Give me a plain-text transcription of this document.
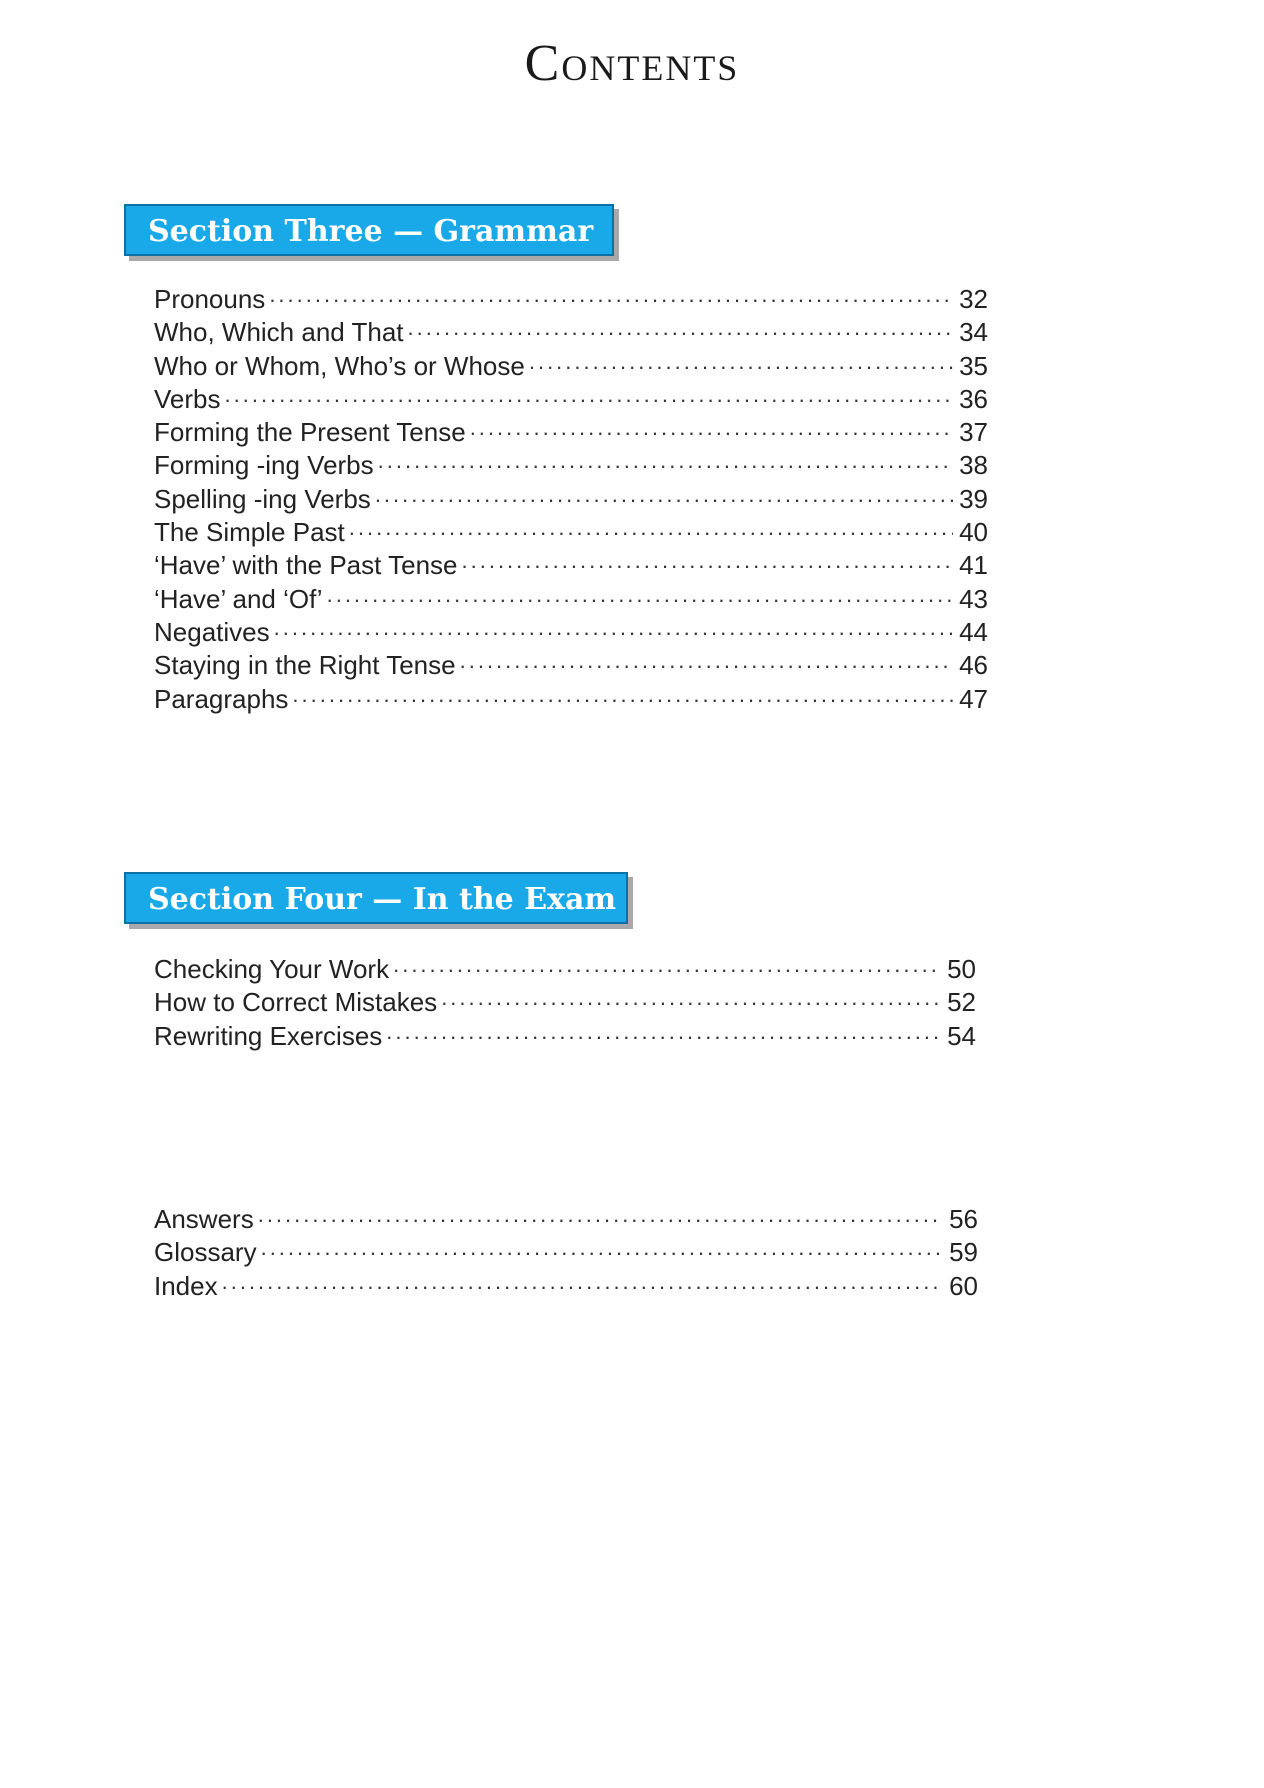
Contents
Section Three — Grammar
Pronouns .....	32
Who, Which and That .....	34
Who or Whom, Who’s or Whose .....	35
Verbs .....	36
Forming the Present Tense .....	37
Forming -ing Verbs .....	38
Spelling -ing Verbs .....	39
The Simple Past .....	40
‘Have’ with the Past Tense .....	41
‘Have’ and ‘Of’ .....	43
Negatives .....	44
Staying in the Right Tense .....	46
Paragraphs .....	47
Section Four — In the Exam
Checking Your Work .....	50
How to Correct Mistakes .....	52
Rewriting Exercises .....	54
Answers .....	56
Glossary .....	59
Index .....	60
